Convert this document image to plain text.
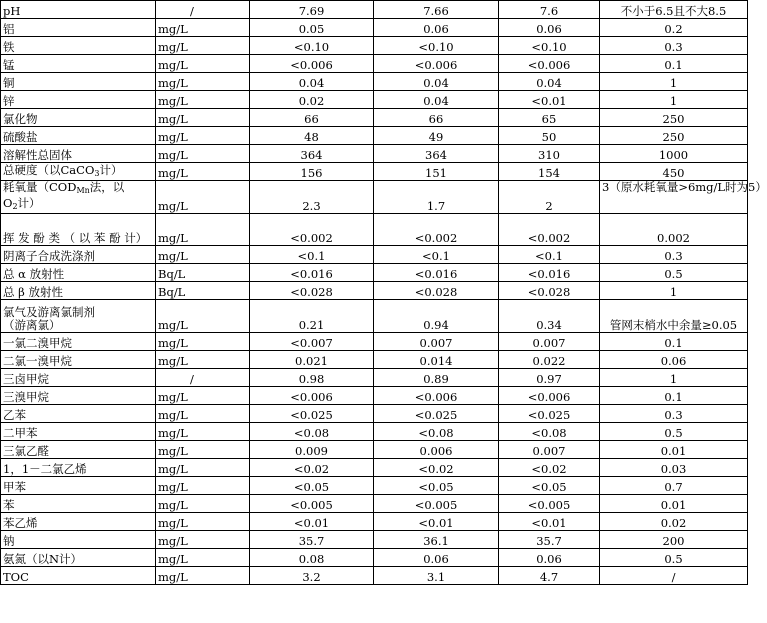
pH	/	7.69	7.66	7.6	不小于6.5且不大8.5
铝	mg/L	0.05	0.06	0.06	0.2
铁	mg/L	<0.10	<0.10	<0.10	0.3
锰	mg/L	<0.006	<0.006	<0.006	0.1
铜	mg/L	0.04	0.04	0.04	1
锌	mg/L	0.02	0.04	<0.01	1
氯化物	mg/L	66	66	65	250
硫酸盐	mg/L	48	49	50	250
溶解性总固体	mg/L	364	364	310	1000
总硬度（以CaCO$_3$计）	mg/L	156	151	154	450

耗氧量（$COD_{Mn}$法，以
$O_2$计）	mg/L	2.3	1.7	2	3（原水耗氧量>6mg/L时为5）
挥 发 酚 类 （ 以 苯 酚 计）	mg/L	<0.002	<0.002	<0.002	0.002
阴离子合成洗涤剂	mg/L	<0.1	<0.1	<0.1	0.3
总 α 放射性	Bq/L	<0.016	<0.016	<0.016	0.5
总 β 放射性	Bq/L	<0.028	<0.028	<0.028	1

氯气及游离氯制剂
（游离氯）	mg/L	0.21	0.94	0.34	管网末梢水中余量≥0.05
一氯二溴甲烷	mg/L	<0.007	0.007	0.007	0.1
二氯一溴甲烷	mg/L	0.021	0.014	0.022	0.06
三卤甲烷	/	0.98	0.89	0.97	1
三溴甲烷	mg/L	<0.006	<0.006	<0.006	0.1
乙苯	mg/L	<0.025	<0.025	<0.025	0.3
二甲苯	mg/L	<0.08	<0.08	<0.08	0.5
三氯乙醛	mg/L	0.009	0.006	0.007	0.01
1，1－二氯乙烯	mg/L	<0.02	<0.02	<0.02	0.03
甲苯	mg/L	<0.05	<0.05	<0.05	0.7
苯	mg/L	<0.005	<0.005	<0.005	0.01
苯乙烯	mg/L	<0.01	<0.01	<0.01	0.02
钠	mg/L	35.7	36.1	35.7	200
氨氮（以N计）	mg/L	0.08	0.06	0.06	0.5
TOC	mg/L	3.2	3.1	4.7	/
